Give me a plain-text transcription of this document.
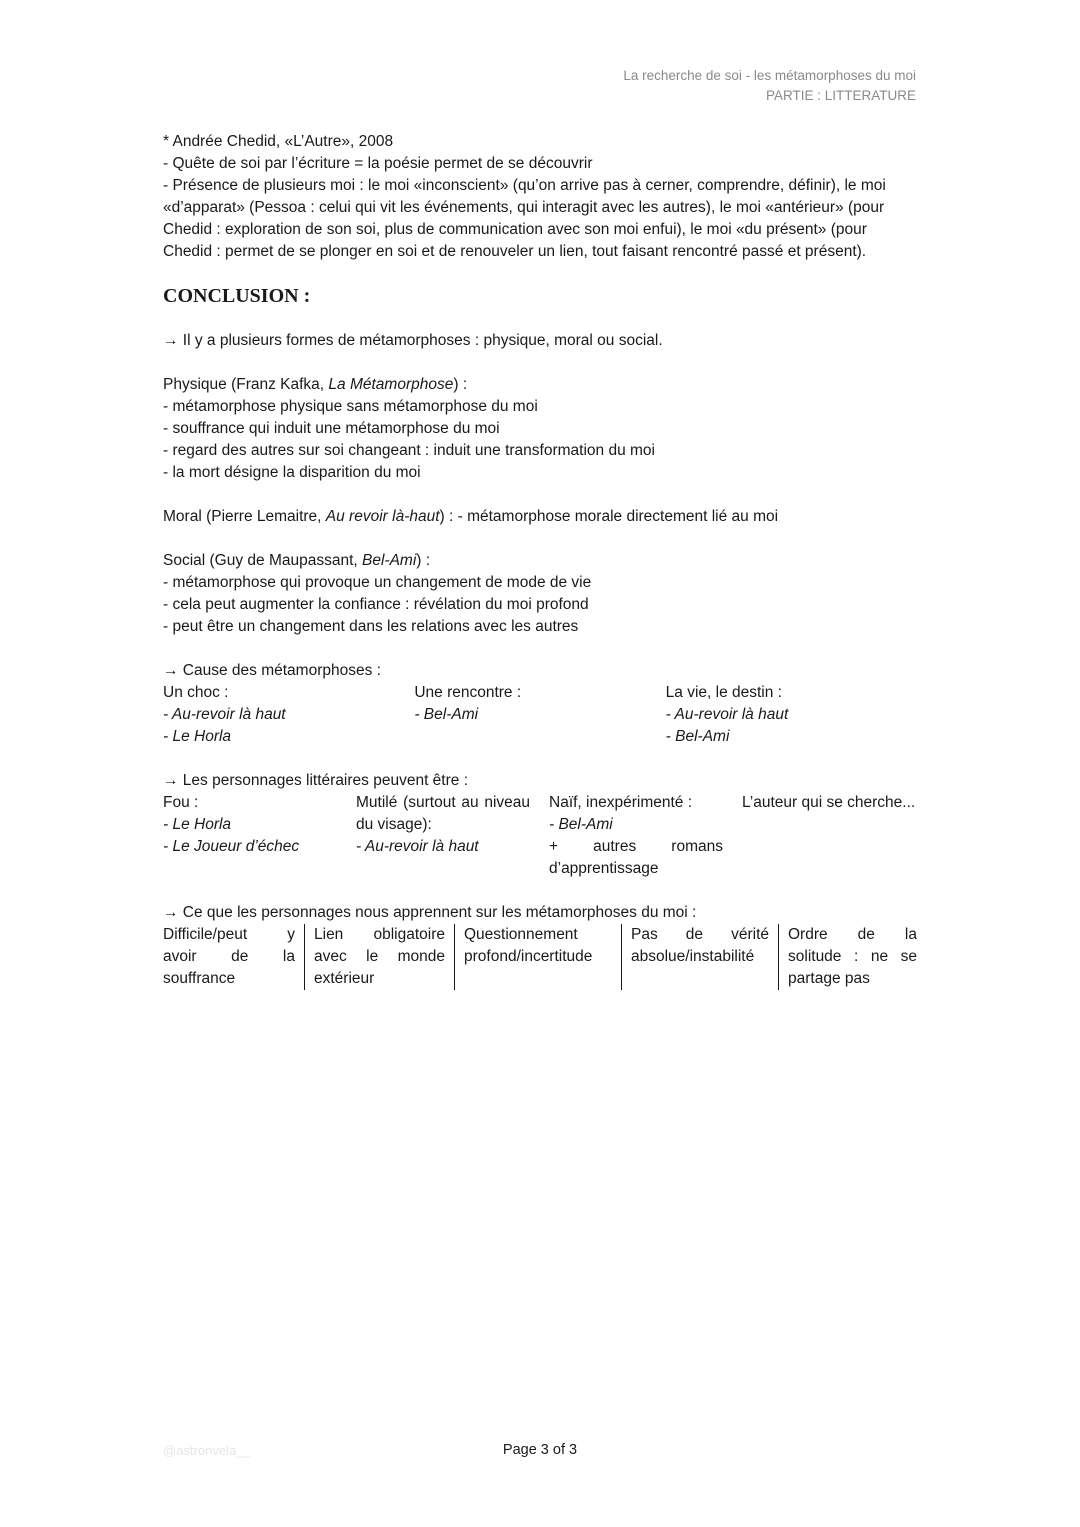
La recherche de soi - les métamorphoses du moi
PARTIE : LITTERATURE

* Andrée Chedid, «L’Autre», 2008

- Quête de soi par l’écriture = la poésie permet de se découvrir

- Présence de plusieurs moi : le moi «inconscient» (qu’on arrive pas à cerner, comprendre, définir), le moi «d’apparat» (Pessoa : celui qui vit les événements, qui interagit avec les autres), le moi «antérieur» (pour Chedid : exploration de son soi, plus de communication avec son moi enfui), le moi «du présent» (pour Chedid : permet de se plonger en soi et de renouveler un lien, tout faisant rencontré passé et présent).

CONCLUSION :

→ Il y a plusieurs formes de métamorphoses : physique, moral ou social.

Physique (Franz Kafka, La Métamorphose) :

- métamorphose physique sans métamorphose du moi

- souffrance qui induit une métamorphose du moi

- regard des autres sur soi changeant : induit une transformation du moi

- la mort désigne la disparition du moi

Moral (Pierre Lemaitre, Au revoir là-haut) : - métamorphose morale directement lié au moi

Social (Guy de Maupassant, Bel-Ami) :

- métamorphose qui provoque un changement de mode de vie

- cela peut augmenter la confiance : révélation du moi profond

- peut être un changement dans les relations avec les autres

→ Cause des métamorphoses :

Un choc :

- Au-revoir là haut

- Le Horla

Une rencontre :

- Bel-Ami

La vie, le destin :

- Au-revoir là haut

- Bel-Ami

→ Les personnages littéraires peuvent être :

Fou :

- Le Horla

- Le Joueur d’échec

Mutilé (surtout au niveau du visage):

- Au-revoir là haut

Naïf, inexpérimenté :

- Bel-Ami

+ autres romans d’apprentissage

L’auteur qui se cherche...

→ Ce que les personnages nous apprennent sur les métamorphoses du moi :

Difficile/peut y avoir de la souffrance
Lien obligatoire avec le monde extérieur
Questionnement profond/incertitude
Pas de vérité absolue/instabilité
Ordre de la solitude : ne se partage pas
@astronvela__	Page 3 of 3
